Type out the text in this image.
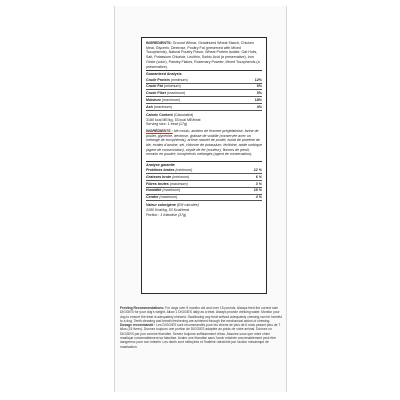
INGREDIENTS: Ground Wheat, Gelatinized Wheat Starch, Chicken Meal, Glycerin, Dextrose, Poultry Fat (preserved with Mixed Tocopherols), Natural Poultry Flavor, Wheat Protein Isolate, Oat Hulls, Salt, Potassium Chloride, Lecithin, Sorbic Acid (a preservative), Iron Oxide (color), Parsley Flakes, Rosemary Powder, Mixed Tocopherols (a preservative).

Guaranteed Analysis
Crude Protein (minimum)	12%
Crude Fat (minimum)	6%
Crude Fiber (maximum)	3%
Moisture (maximum)	18%
Ash (maximum)	4%
Calorie Content (Calculated)
3180 kcal ME/kg, 53 kcal ME/treat
Serving size: 1 treat (17g)

INGRÉDIENTS : blé moulu, amidon de froment prégélatinisé, farine de poulet, glycérine, dextrose, graisse de volaille (conservée avec un mélange de tocophérols), arôme naturel de poulet, isolat de protéine de blé, écales d'avoine, sel, chlorure de potassium, lécithine, acide sorbique (agent de conservation), oxyde de fer (couleur), flocons de persil, romarin en poudre, tocophérols mélangés (agent de conservation).

Analyse garantie
Protéines brutes (minimum)	12 %
Graisses brute (minimum)	6 %
Fibres brutes (maximum)	3 %
Humidité (maximum)	18 %
Cendre (maximum)	4 %
Valeur calorigène (EM calculée)
3180 Kcal/kg, 53 Kcal/treat
Portion : 1 friandise (17g)

Feeding Recommendations: For dogs over 6 months old and over 15 pounds. Always feed the correct size DIGGIES for your dog's weight. Allow 1 DIGGIES daily as a treat. Always provide drinking water. Monitor your dog to ensure the treat is adequately chewed. Swallowing any treat without adequately chewing can be harmful to a dog. Teeth cleaning and breath freshening are achieved through the mechanical action of chewing.

Dosage recommandé : Les DIGGIES sont recommandés pour les chiens de plus de 6 mois pesant plus de 7 kilos (15 livres). Donnez toujours une portion de DIGGIES adaptée au poids de votre animal. Donnez un DIGGIES par jour comme friandise. Servez toujours suffisamment d'eau. Assurez-vous que votre chien mastique convenablement sa friandise. Avaler une friandise sans l'avoir mâchée convenablement peut être dangereux pour son intestin. Les dents sont nettoyées et l'haleine rafraîchie par l'action mécanique de mastication.
